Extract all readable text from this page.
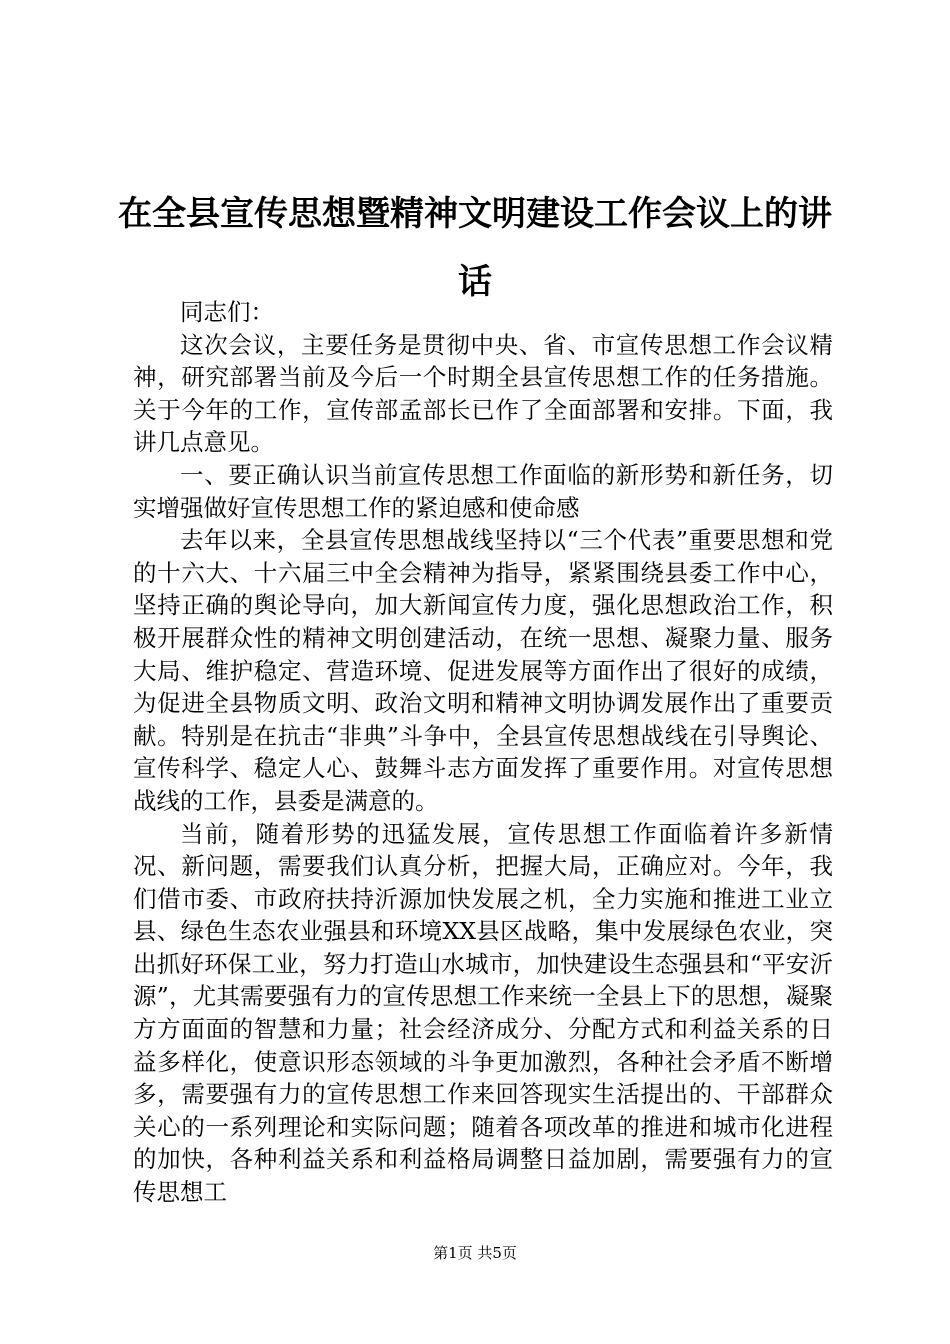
在全县宣传思想暨精神文明建设工作会议上的讲话

同志们：

这次会议，主要任务是贯彻中央、省、市宣传思想工作会议精神，研究部署当前及今后一个时期全县宣传思想工作的任务措施。关于今年的工作，宣传部孟部长已作了全面部署和安排。下面，我讲几点意见。

一、要正确认识当前宣传思想工作面临的新形势和新任务，切实增强做好宣传思想工作的紧迫感和使命感

去年以来，全县宣传思想战线坚持以“三个代表”重要思想和党的十六大、十六届三中全会精神为指导，紧紧围绕县委工作中心，坚持正确的舆论导向，加大新闻宣传力度，强化思想政治工作，积极开展群众性的精神文明创建活动，在统一思想、凝聚力量、服务大局、维护稳定、营造环境、促进发展等方面作出了很好的成绩，为促进全县物质文明、政治文明和精神文明协调发展作出了重要贡献。特别是在抗击“非典”斗争中，全县宣传思想战线在引导舆论、宣传科学、稳定人心、鼓舞斗志方面发挥了重要作用。对宣传思想战线的工作，县委是满意的。

当前，随着形势的迅猛发展，宣传思想工作面临着许多新情况、新问题，需要我们认真分析，把握大局，正确应对。今年，我们借市委、市政府扶持沂源加快发展之机，全力实施和推进工业立县、绿色生态农业强县和环境XX县区战略，集中发展绿色农业，突出抓好环保工业，努力打造山水城市，加快建设生态强县和“平安沂源”，尤其需要强有力的宣传思想工作来统一全县上下的思想，凝聚方方面面的智慧和力量；社会经济成分、分配方式和利益关系的日益多样化，使意识形态领域的斗争更加激烈，各种社会矛盾不断增多，需要强有力的宣传思想工作来回答现实生活提出的、干部群众关心的一系列理论和实际问题；随着各项改革的推进和城市化进程的加快，各种利益关系和利益格局调整日益加剧，需要强有力的宣传思想工

第1页 共5页
